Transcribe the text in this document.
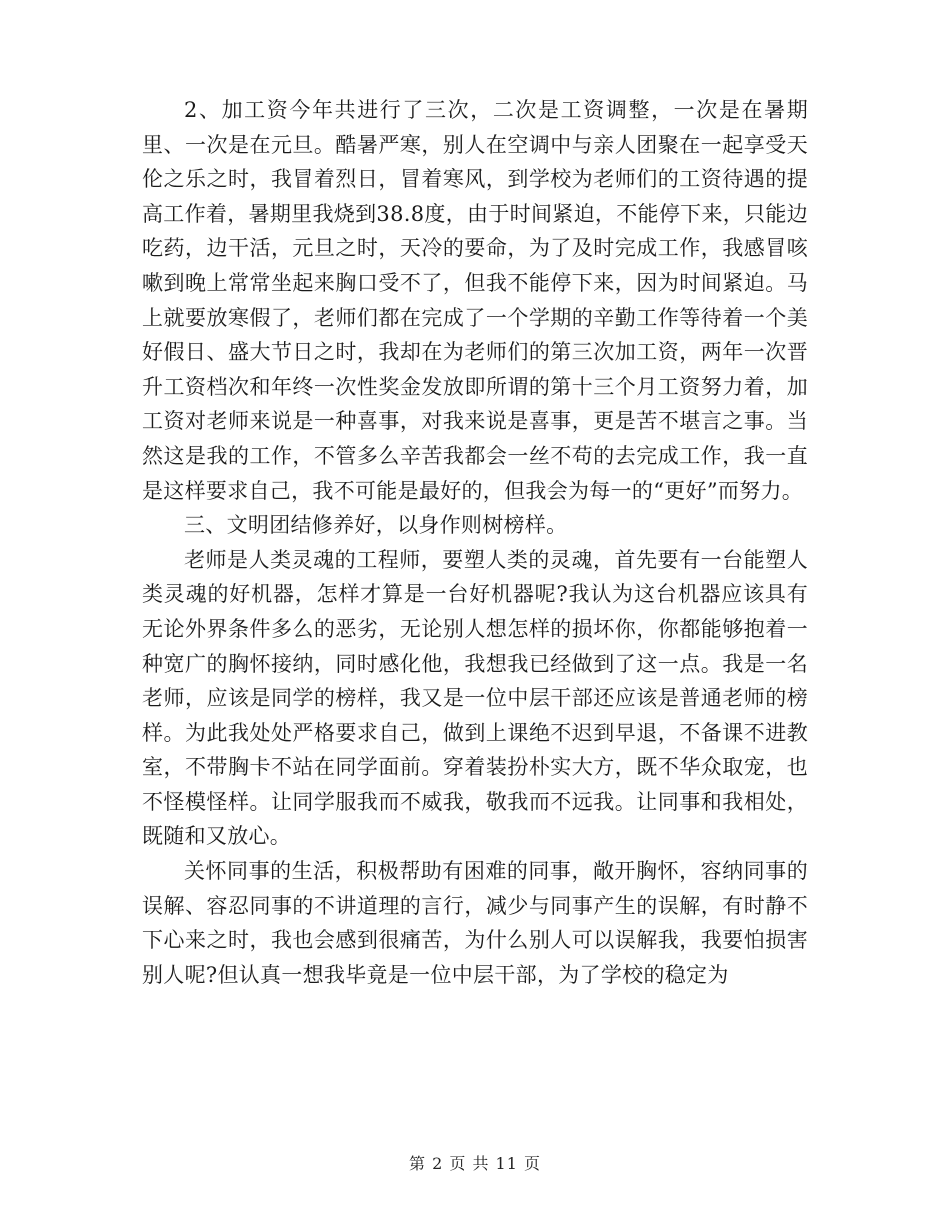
2、加工资今年共进行了三次，二次是工资调整，一次是在暑期里、一次是在元旦。酷暑严寒，别人在空调中与亲人团聚在一起享受天伦之乐之时，我冒着烈日，冒着寒风，到学校为老师们的工资待遇的提高工作着，暑期里我烧到38.8度，由于时间紧迫，不能停下来，只能边吃药，边干活，元旦之时，天冷的要命，为了及时完成工作，我感冒咳嗽到晚上常常坐起来胸口受不了，但我不能停下来，因为时间紧迫。马上就要放寒假了，老师们都在完成了一个学期的辛勤工作等待着一个美好假日、盛大节日之时，我却在为老师们的第三次加工资，两年一次晋升工资档次和年终一次性奖金发放即所谓的第十三个月工资努力着，加工资对老师来说是一种喜事，对我来说是喜事，更是苦不堪言之事。当然这是我的工作，不管多么辛苦我都会一丝不苟的去完成工作，我一直是这样要求自己，我不可能是最好的，但我会为每一的“更好”而努力。

三、文明团结修养好，以身作则树榜样。

老师是人类灵魂的工程师，要塑人类的灵魂，首先要有一台能塑人类灵魂的好机器，怎样才算是一台好机器呢?我认为这台机器应该具有无论外界条件多么的恶劣，无论别人想怎样的损坏你，你都能够抱着一种宽广的胸怀接纳，同时感化他，我想我已经做到了这一点。我是一名老师，应该是同学的榜样，我又是一位中层干部还应该是普通老师的榜样。为此我处处严格要求自己，做到上课绝不迟到早退，不备课不进教室，不带胸卡不站在同学面前。穿着装扮朴实大方，既不华众取宠，也不怪模怪样。让同学服我而不威我，敬我而不远我。让同事和我相处，既随和又放心。

关怀同事的生活，积极帮助有困难的同事，敞开胸怀，容纳同事的误解、容忍同事的不讲道理的言行，减少与同事产生的误解，有时静不下心来之时，我也会感到很痛苦，为什么别人可以误解我，我要怕损害别人呢?但认真一想我毕竟是一位中层干部，为了学校的稳定为

第 2 页 共 11 页
